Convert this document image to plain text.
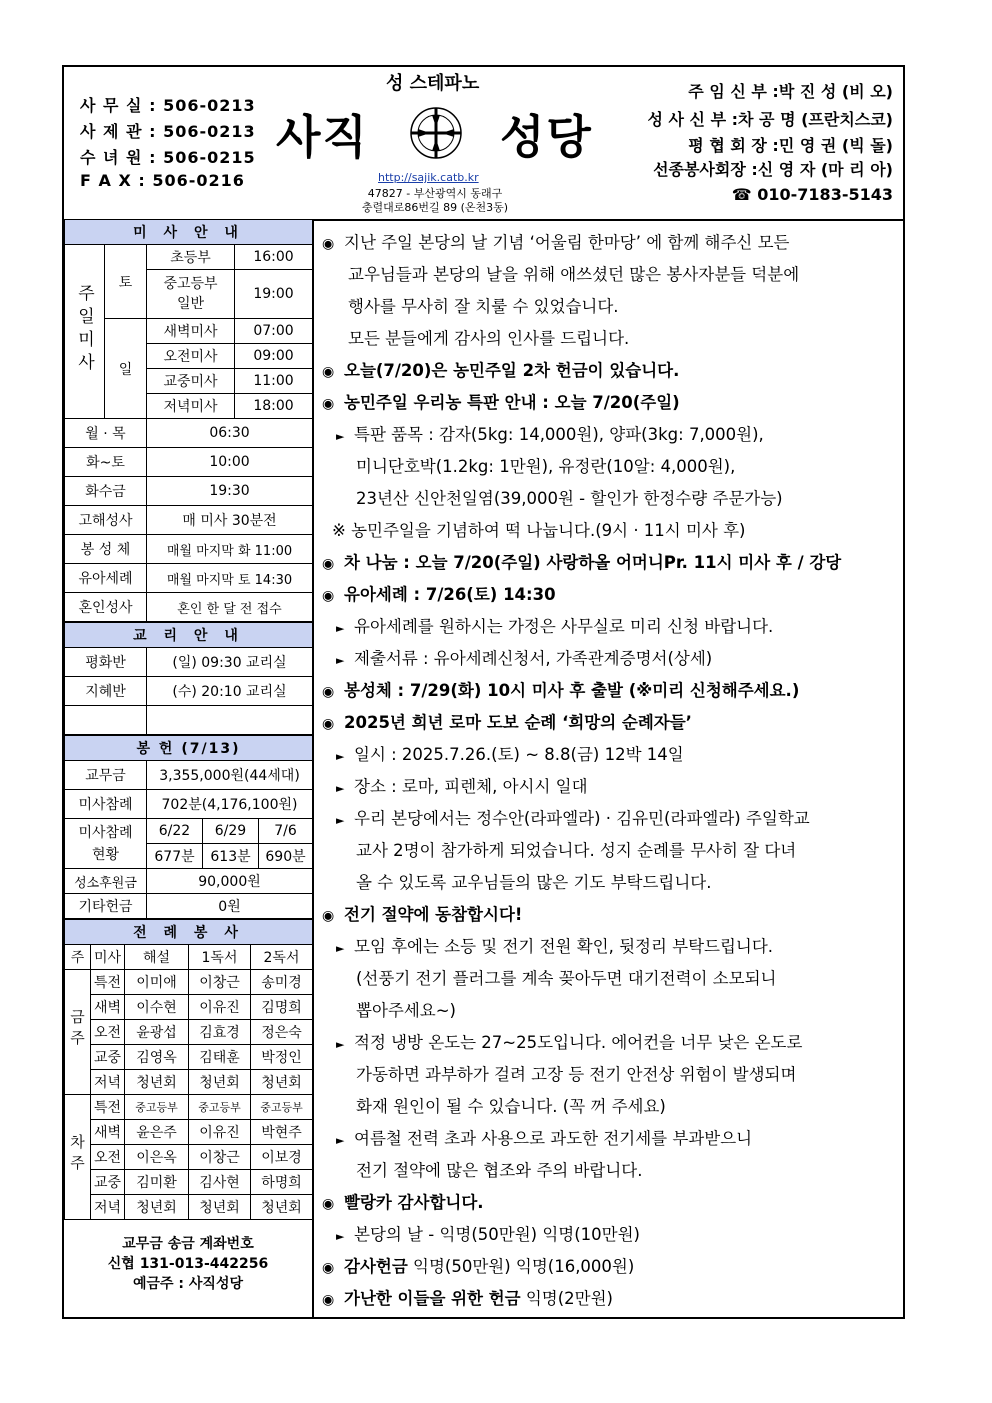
사 무 실 : 506-0213
사 제 관 : 506-0213
수 녀 원 : 506-0215
F A X : 506-0216
성 스테파노
사직	성당
http://sajik.catb.kr
47827 - 부산광역시 동래구
충렬대로86번길 89 (온천3동)
주 임 신 부 :박 진 성 (비 오)
성 사 신 부 :차 공 명 (프란치스코)
평 협 회 장 :민 영 권 (빅 돌)
선종봉사회장 :신 영 자 (마 리 아)
☎ 010-7183-5143
미 사 안 내			
주일미사	토	초등부	16:00
		중고등부
일반	19:00
	일	새벽미사	07:00
		오전미사	09:00
		교중미사	11:00
		저녁미사	18:00
월 · 목		06:30	
화~토		10:00	
화수금		19:30	
고해성사		매 미사 30분전	
봉 성 체		매월 마지막 화 11:00	
유아세례		매월 마지막 토 14:30	
혼인성사		혼인 한 달 전 접수	
교 리 안 내	
평화반	(일) 09:30 교리실
지혜반	(수) 20:10 교리실

봉 헌 (7/13)			
교무금	3,355,000원(44세대)		
미사참례	702분(4,176,100원)		
미사참례
현황	6/22	6/29	7/6
	677분	613분	690분
성소후원금	90,000원		
기타헌금	0원		
전 례 봉 사				
주	미사	해설	1독서	2독서
금주	특전	이미애	이창근	송미경
	새벽	이수현	이유진	김명희
	오전	윤광섭	김효경	정은숙
	교중	김영옥	김태훈	박정인
	저녁	청년회	청년회	청년회
차주	특전	중고등부	중고등부	중고등부
	새벽	윤은주	이유진	박현주
	오전	이은옥	이창근	이보경
	교중	김미환	김사현	하명희
	저녁	청년회	청년회	청년회
교무금 송금 계좌번호
신협 131-013-442256
예금주 : 사직성당
◉ 지난 주일 본당의 날 기념 ‘어울림 한마당’ 에 함께 해주신 모든
교우님들과 본당의 날을 위해 애쓰셨던 많은 봉사자분들 덕분에
행사를 무사히 잘 치룰 수 있었습니다.
모든 분들에게 감사의 인사를 드립니다.
◉ 오늘(7/20)은 농민주일 2차 헌금이 있습니다.
◉ 농민주일 우리농 특판 안내 : 오늘 7/20(주일)
► 특판 품목 : 감자(5kg: 14,000원), 양파(3kg: 7,000원),
미니단호박(1.2kg: 1만원), 유정란(10알: 4,000원),
23년산 신안천일염(39,000원 - 할인가 한정수량 주문가능)
※ 농민주일을 기념하여 떡 나눕니다.(9시 · 11시 미사 후)
◉ 차 나눔 : 오늘 7/20(주일) 사랑하올 어머니Pr. 11시 미사 후 / 강당
◉ 유아세례 : 7/26(토) 14:30
► 유아세례를 원하시는 가정은 사무실로 미리 신청 바랍니다.
► 제출서류 : 유아세례신청서, 가족관계증명서(상세)
◉ 봉성체 : 7/29(화) 10시 미사 후 출발 (※미리 신청해주세요.)
◉ 2025년 희년 로마 도보 순례 ‘희망의 순례자들’
► 일시 : 2025.7.26.(토) ~ 8.8(금) 12박 14일
► 장소 : 로마, 피렌체, 아시시 일대
► 우리 본당에서는 정수안(라파엘라) · 김유민(라파엘라) 주일학교
교사 2명이 참가하게 되었습니다. 성지 순례를 무사히 잘 다녀
올 수 있도록 교우님들의 많은 기도 부탁드립니다.
◉ 전기 절약에 동참합시다!
► 모임 후에는 소등 및 전기 전원 확인, 뒷정리 부탁드립니다.
(선풍기 전기 플러그를 계속 꽂아두면 대기전력이 소모되니
뽑아주세요~)
► 적정 냉방 온도는 27~25도입니다. 에어컨을 너무 낮은 온도로
가동하면 과부하가 걸려 고장 등 전기 안전상 위험이 발생되며
화재 원인이 될 수 있습니다. (꼭 꺼 주세요)
► 여름철 전력 초과 사용으로 과도한 전기세를 부과받으니
전기 절약에 많은 협조와 주의 바랍니다.
◉ 빨랑카 감사합니다.
► 본당의 날 - 익명(50만원) 익명(10만원)
◉ 감사헌금 익명(50만원) 익명(16,000원)
◉ 가난한 이들을 위한 헌금 익명(2만원)
